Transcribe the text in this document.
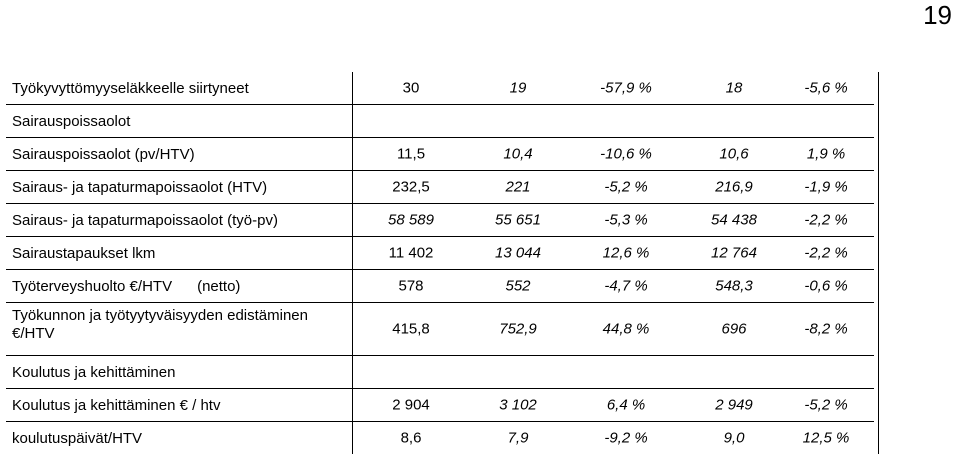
19
Työkyvyttömyyseläkkeelle siirtyneet	30	19	-57,9 %	18	-5,6 %
Sairauspoissaolot
Sairauspoissaolot (pv/HTV)	11,5	10,4	-10,6 %	10,6	1,9 %
Sairaus- ja tapaturmapoissaolot (HTV)	232,5	221	-5,2 %	216,9	-1,9 %
Sairaus- ja tapaturmapoissaolot (työ-pv)	58 589	55 651	-5,3 %	54 438	-2,2 %
Sairaustapaukset lkm	11 402	13 044	12,6 %	12 764	-2,2 %
Työterveyshuolto €/HTV      (netto)	578	552	-4,7 %	548,3	-0,6 %
Työkunnon ja työtyytyväisyyden edistäminen €/HTV	415,8	752,9	44,8 %	696	-8,2 %
Koulutus ja kehittäminen
Koulutus ja kehittäminen € / htv	2 904	3 102	6,4 %	2 949	-5,2 %
koulutuspäivät/HTV	8,6	7,9	-9,2 %	9,0	12,5 %
